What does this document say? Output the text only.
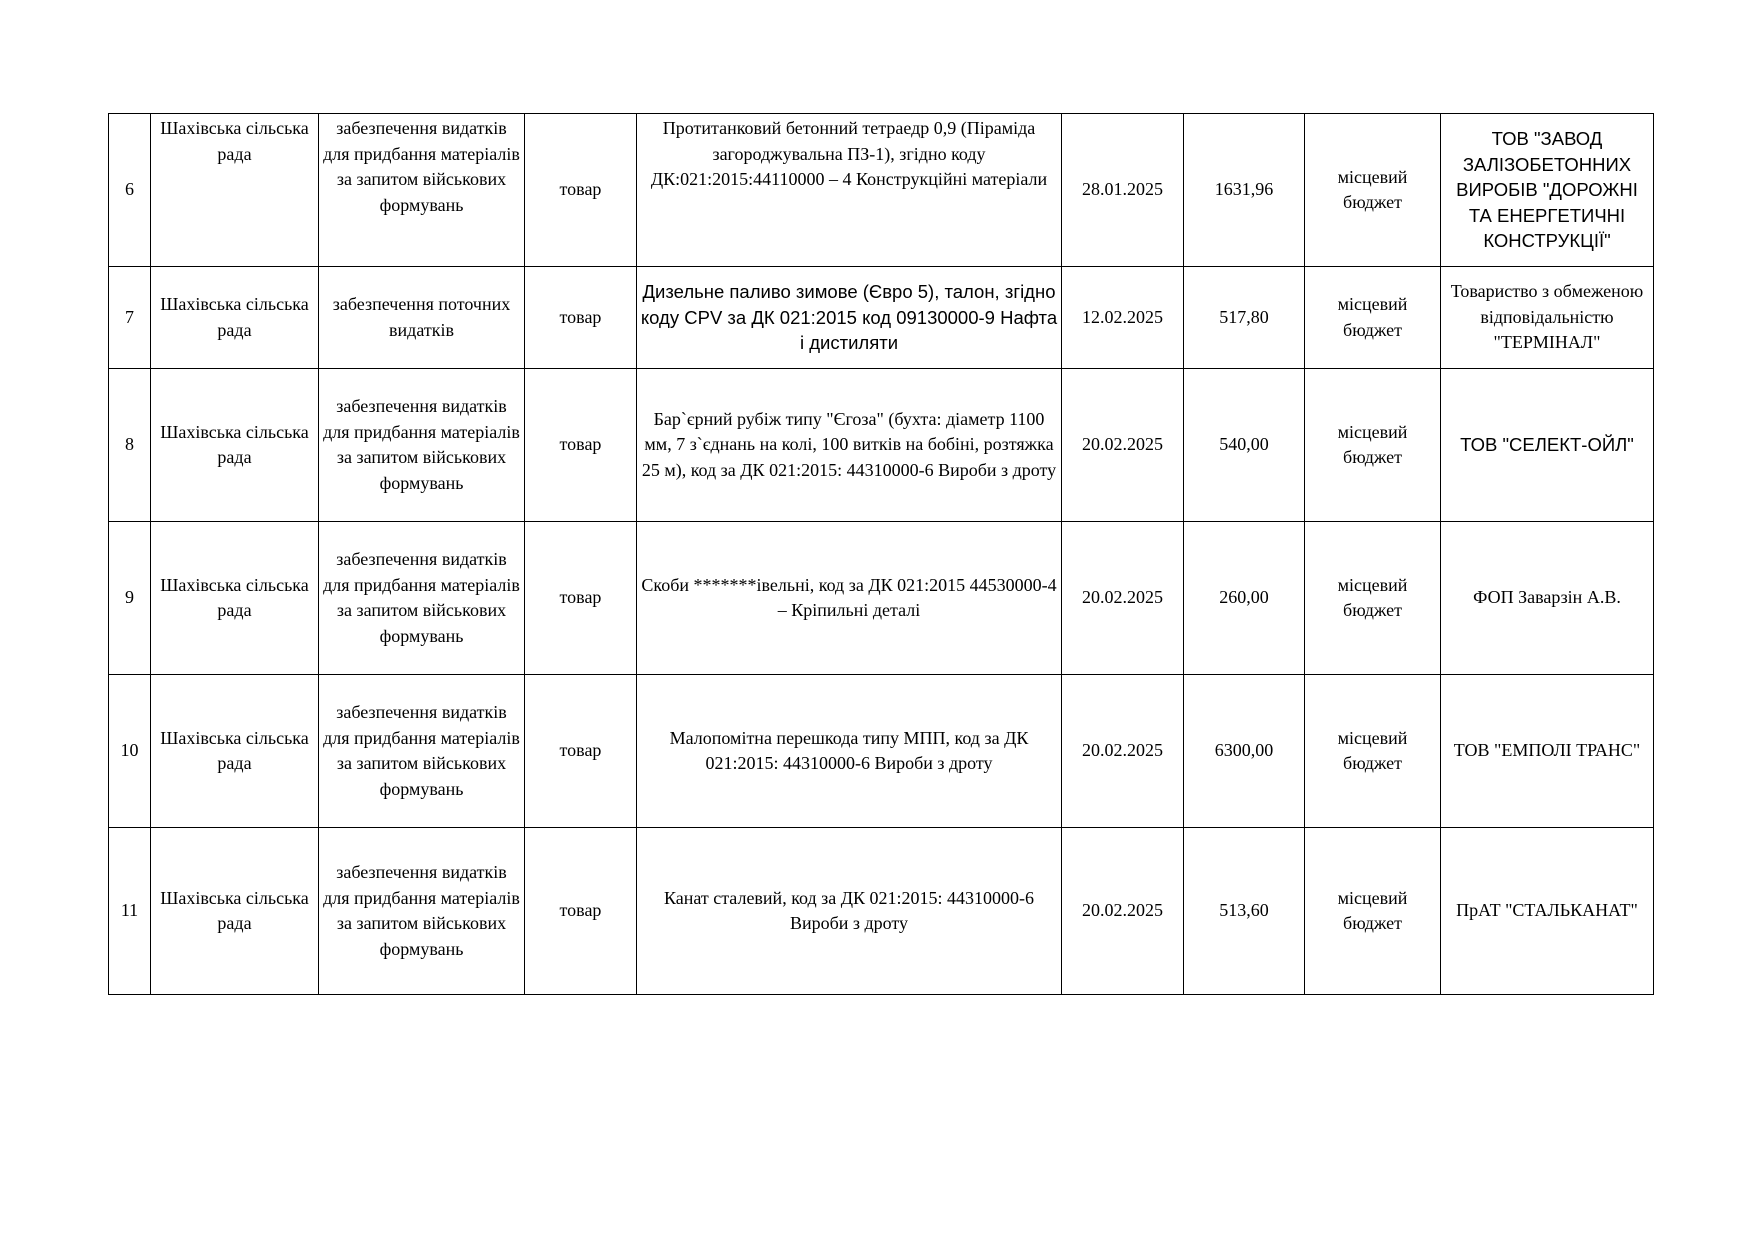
6	Шахівська сільська рада	забезпечення видатків для придбання матеріалів за запитом військових формувань	товар	Протитанковий бетонний тетраедр 0,9 (Піраміда загороджувальна ПЗ-1), згідно коду ДК:021:2015:44110000 – 4 Конструкційні матеріали	28.01.2025	1631,96	місцевий бюджет	ТОВ "ЗАВОД ЗАЛІЗОБЕТОННИХ ВИРОБІВ "ДОРОЖНІ ТА ЕНЕРГЕТИЧНІ КОНСТРУКЦІЇ"
7	Шахівська сільська рада	забезпечення поточних видатків	товар	Дизельне паливо зимове (Євро 5), талон, згідно коду CPV за ДК 021:2015 код 09130000-9 Нафта і дистиляти	12.02.2025	517,80	місцевий бюджет	Товариство з обмеженою відповідальністю "ТЕРМІНАЛ"
8	Шахівська сільська рада	забезпечення видатків для придбання матеріалів за запитом військових формувань	товар	Бар`єрний рубіж типу "Єгоза" (бухта: діаметр 1100 мм, 7 з`єднань на колі, 100 витків на бобіні, розтяжка 25 м), код за ДК 021:2015: 44310000-6 Вироби з дроту	20.02.2025	540,00	місцевий бюджет	ТОВ "СЕЛЕКТ-ОЙЛ"
9	Шахівська сільська рада	забезпечення видатків для придбання матеріалів за запитом військових формувань	товар	Скоби *******івельні, код за ДК 021:2015 44530000-4 – Кріпильні деталі	20.02.2025	260,00	місцевий бюджет	ФОП Заварзін А.В.
10	Шахівська сільська рада	забезпечення видатків для придбання матеріалів за запитом військових формувань	товар	Малопомітна перешкода типу МПП, код за ДК 021:2015: 44310000-6 Вироби з дроту	20.02.2025	6300,00	місцевий бюджет	ТОВ "ЕМПОЛІ ТРАНС"
11	Шахівська сільська рада	забезпечення видатків для придбання матеріалів за запитом військових формувань	товар	Канат сталевий, код за ДК 021:2015: 44310000-6 Вироби з дроту	20.02.2025	513,60	місцевий бюджет	ПрАТ "СТАЛЬКАНАТ"
